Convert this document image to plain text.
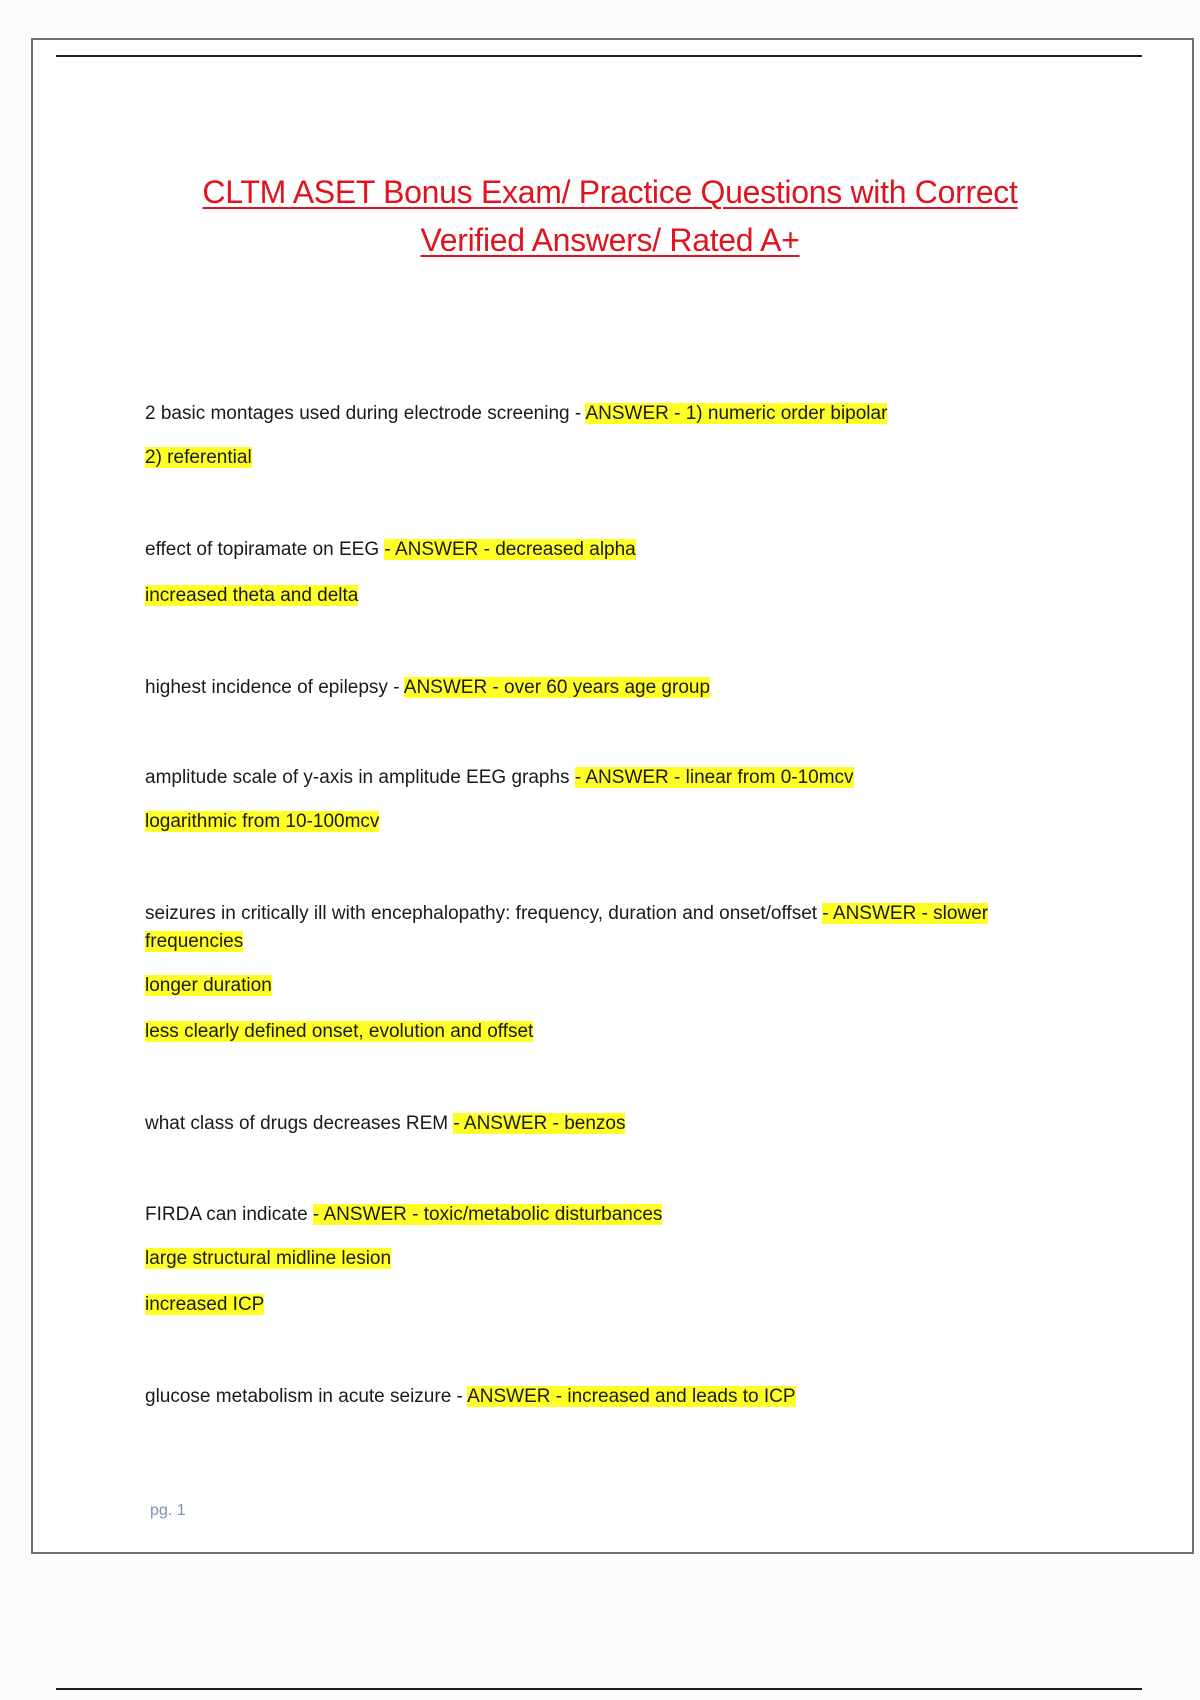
CLTM ASET Bonus Exam/ Practice Questions with Correct
Verified Answers/ Rated A+
2 basic montages used during electrode screening - ANSWER - 1) numeric order bipolar
2) referential
effect of topiramate on EEG - ANSWER - decreased alpha
increased theta and delta
highest incidence of epilepsy - ANSWER - over 60 years age group
amplitude scale of y-axis in amplitude EEG graphs - ANSWER - linear from 0-10mcv
logarithmic from 10-100mcv
seizures in critically ill with encephalopathy: frequency, duration and onset/offset - ANSWER - slower
frequencies
longer duration
less clearly defined onset, evolution and offset
what class of drugs decreases REM - ANSWER - benzos
FIRDA can indicate - ANSWER - toxic/metabolic disturbances
large structural midline lesion
increased ICP
glucose metabolism in acute seizure - ANSWER - increased and leads to ICP
pg. 1
